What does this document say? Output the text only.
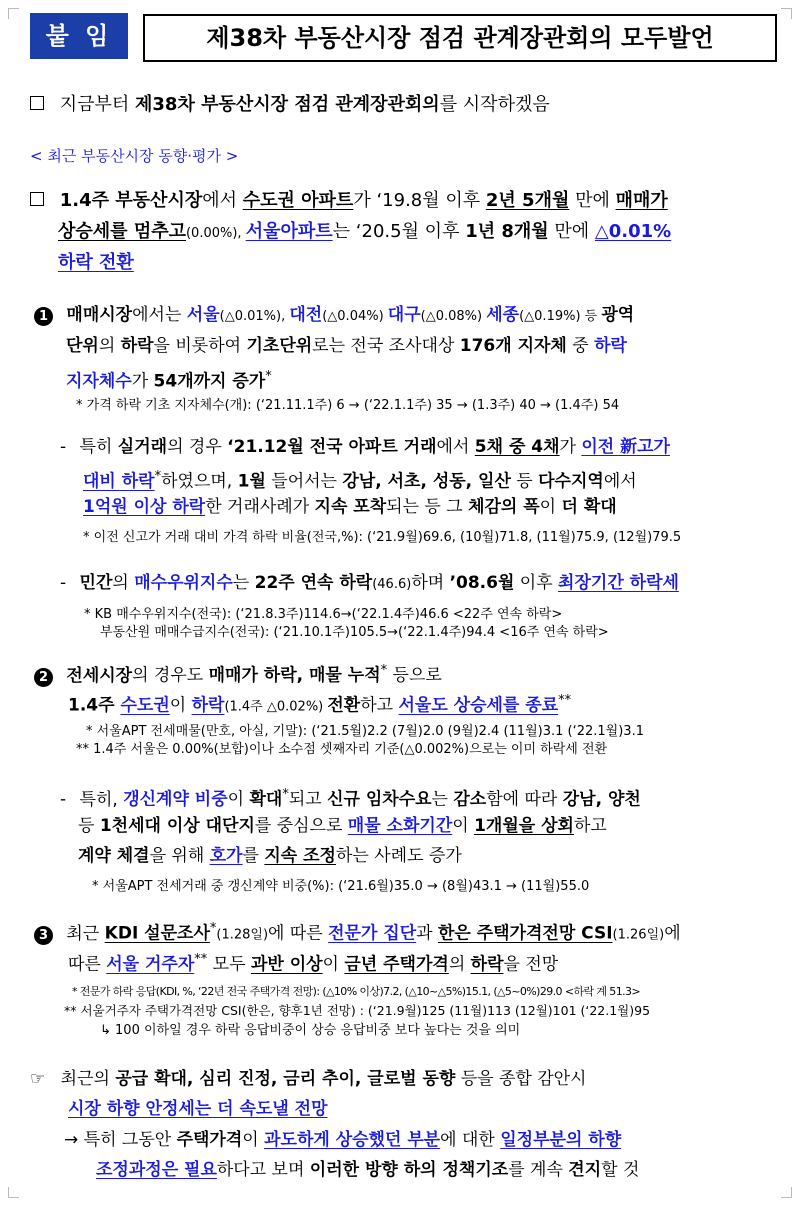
붙 임	제38차 부동산시장 점검 관계장관회의 모두발언
지금부터 제38차 부동산시장 점검 관계장관회의를 시작하겠음
< 최근 부동산시장 동향·평가 >
1.4주 부동산시장에서 수도권 아파트가 ‘19.8월 이후 2년 5개월 만에 매매가
상승세를 멈추고(0.00%), 서울아파트는 ‘20.5월 이후 1년 8개월 만에 △0.01%
하락 전환
1 매매시장에서는 서울(△0.01%), 대전(△0.04%) 대구(△0.08%) 세종(△0.19%) 등 광역
단위의 하락을 비롯하여 기초단위로는 전국 조사대상 176개 지자체 중 하락
지자체수가 54개까지 증가*
* 가격 하락 기초 지자체수(개): (‘21.11.1주) 6 → (‘22.1.1주) 35 → (1.3주) 40 → (1.4주) 54
- 특히 실거래의 경우 ‘21.12월 전국 아파트 거래에서 5채 중 4채가 이전 新고가
대비 하락*하였으며, 1월 들어서는 강남, 서초, 성동, 일산 등 다수지역에서
1억원 이상 하락한 거래사례가 지속 포착되는 등 그 체감의 폭이 더 확대
* 이전 신고가 거래 대비 가격 하락 비율(전국,%): (‘21.9월)69.6, (10월)71.8, (11월)75.9, (12월)79.5
- 민간의 매수우위지수는 22주 연속 하락(46.6)하며 ’08.6월 이후 최장기간 하락세
* KB 매수우위지수(전국): (‘21.8.3주)114.6→(‘22.1.4주)46.6 <22주 연속 하락>
부동산원 매매수급지수(전국): (‘21.10.1주)105.5→(‘22.1.4주)94.4 <16주 연속 하락>
2 전세시장의 경우도 매매가 하락, 매물 누적* 등으로
1.4주 수도권이 하락(1.4주 △0.02%) 전환하고 서울도 상승세를 종료**
* 서울APT 전세매물(만호, 아실, 기말): (‘21.5월)2.2 (7월)2.0 (9월)2.4 (11월)3.1 (‘22.1월)3.1
** 1.4주 서울은 0.00%(보합)이나 소수점 셋째자리 기준(△0.002%)으로는 이미 하락세 전환
- 특히, 갱신계약 비중이 확대*되고 신규 임차수요는 감소함에 따라 강남, 양천
등 1천세대 이상 대단지를 중심으로 매물 소화기간이 1개월을 상회하고
계약 체결을 위해 호가를 지속 조정하는 사례도 증가
* 서울APT 전세거래 중 갱신계약 비중(%): (‘21.6월)35.0 → (8월)43.1 → (11월)55.0
3 최근 KDI 설문조사*(1.28일)에 따른 전문가 집단과 한은 주택가격전망 CSI(1.26일)에
따른 서울 거주자** 모두 과반 이상이 금년 주택가격의 하락을 전망
* 전문가 하락 응답(KDI, %, ‘22년 전국 주택가격 전망): (△10% 이상)7.2, (△10~△5%)15.1, (△5~0%)29.0 <하락 계 51.3>
** 서울거주자 주택가격전망 CSI(한은, 향후1년 전망) : (‘21.9월)125 (11월)113 (12월)101 (‘22.1월)95
↳ 100 이하일 경우 하락 응답비중이 상승 응답비중 보다 높다는 것을 의미
☞ 최근의 공급 확대, 심리 진정, 금리 추이, 글로벌 동향 등을 종합 감안시
시장 하향 안정세는 더 속도낼 전망
→ 특히 그동안 주택가격이 과도하게 상승했던 부분에 대한 일정부분의 하향
조정과정은 필요하다고 보며 이러한 방향 하의 정책기조를 계속 견지할 것
